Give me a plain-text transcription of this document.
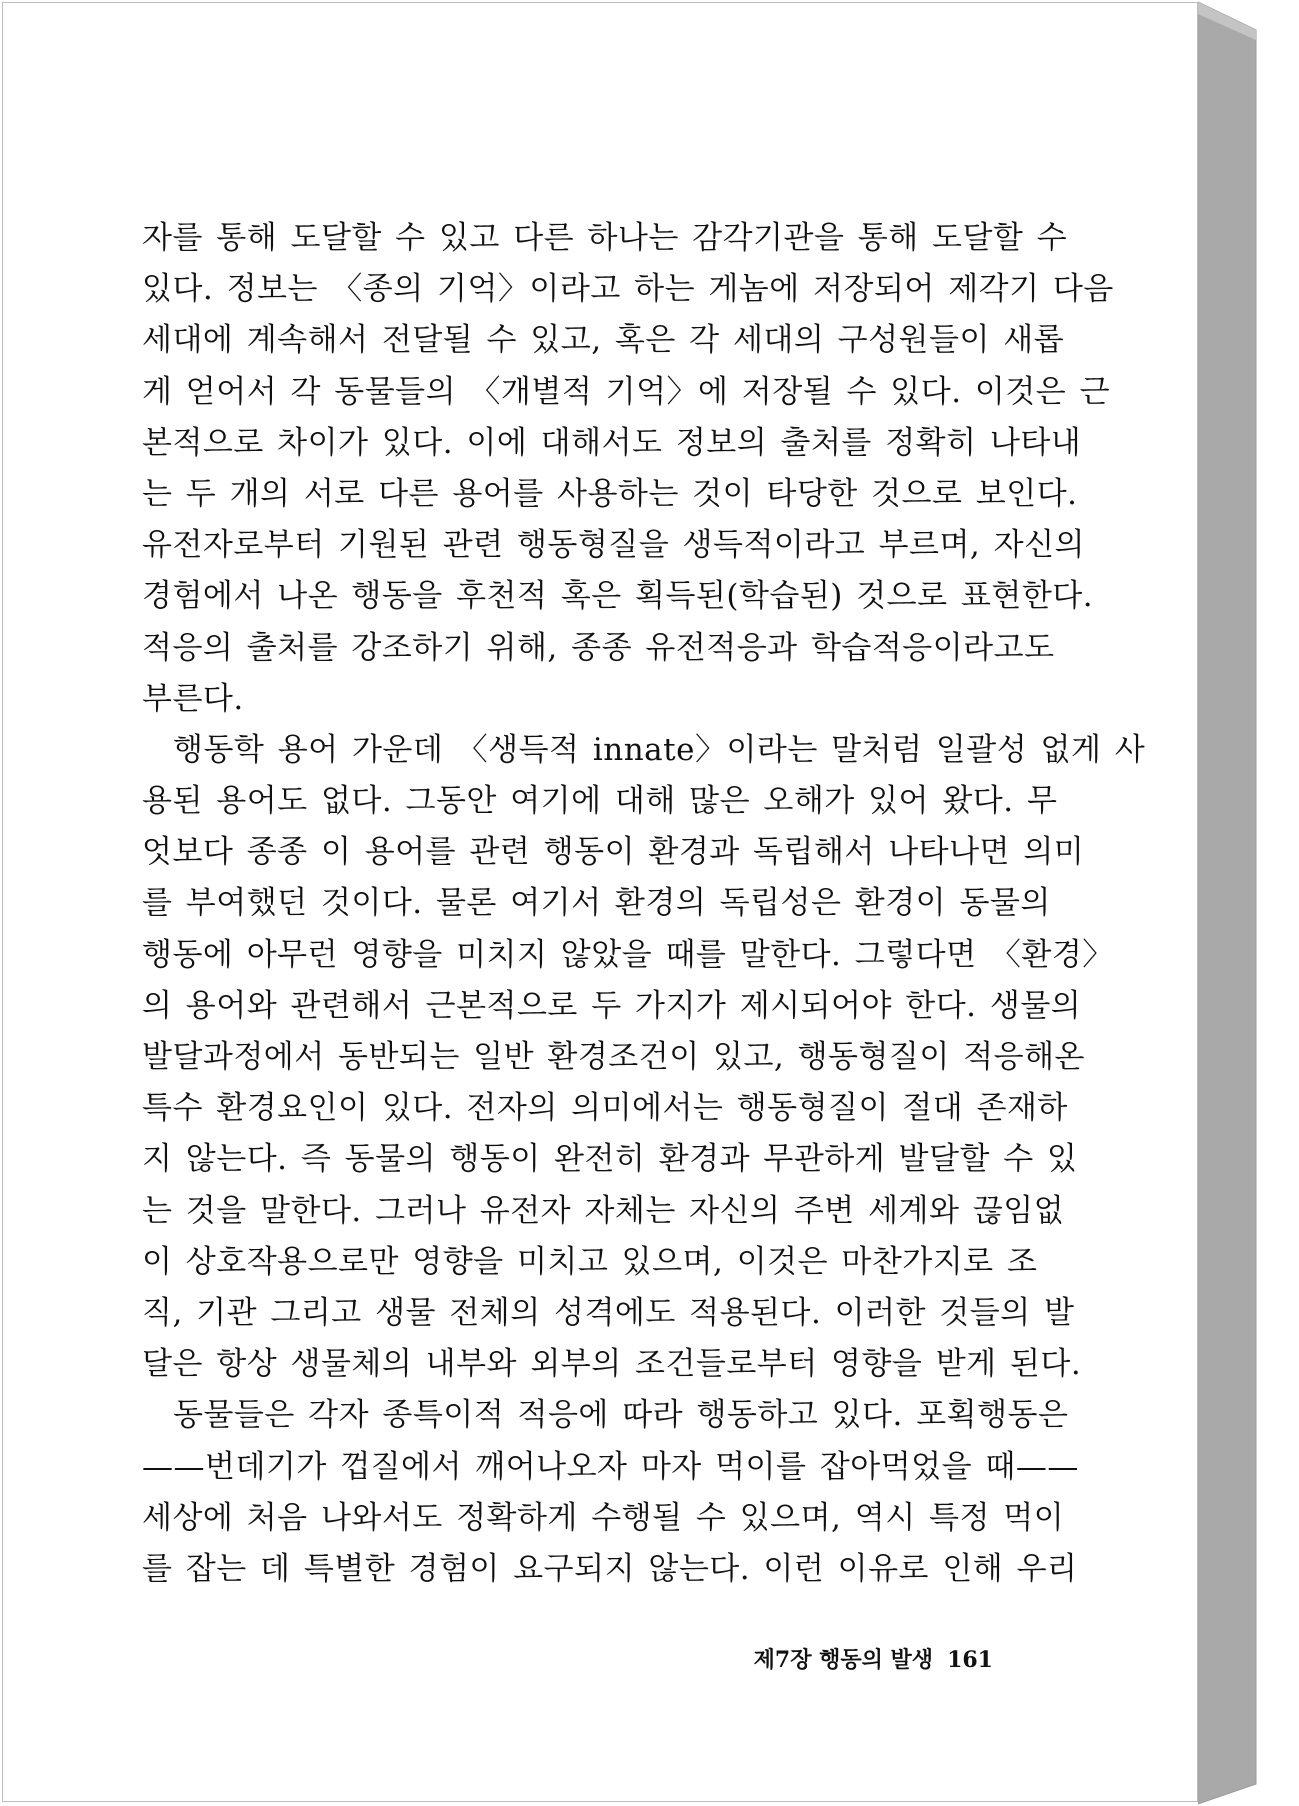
자를 통해 도달할 수 있고 다른 하나는 감각기관을 통해 도달할 수
있다. 정보는 〈종의 기억〉이라고 하는 게놈에 저장되어 제각기 다음
세대에 계속해서 전달될 수 있고, 혹은 각 세대의 구성원들이 새롭
게 얻어서 각 동물들의 〈개별적 기억〉에 저장될 수 있다. 이것은 근
본적으로 차이가 있다. 이에 대해서도 정보의 출처를 정확히 나타내
는 두 개의 서로 다른 용어를 사용하는 것이 타당한 것으로 보인다.
유전자로부터 기원된 관련 행동형질을 생득적이라고 부르며, 자신의
경험에서 나온 행동을 후천적 혹은 획득된(학습된) 것으로 표현한다.
적응의 출처를 강조하기 위해, 종종 유전적응과 학습적응이라고도
부른다.
행동학 용어 가운데 〈생득적 innate〉이라는 말처럼 일괄성 없게 사
용된 용어도 없다. 그동안 여기에 대해 많은 오해가 있어 왔다. 무
엇보다 종종 이 용어를 관련 행동이 환경과 독립해서 나타나면 의미
를 부여했던 것이다. 물론 여기서 환경의 독립성은 환경이 동물의
행동에 아무런 영향을 미치지 않았을 때를 말한다. 그렇다면 〈환경〉
의 용어와 관련해서 근본적으로 두 가지가 제시되어야 한다. 생물의
발달과정에서 동반되는 일반 환경조건이 있고, 행동형질이 적응해온
특수 환경요인이 있다. 전자의 의미에서는 행동형질이 절대 존재하
지 않는다. 즉 동물의 행동이 완전히 환경과 무관하게 발달할 수 있
는 것을 말한다. 그러나 유전자 자체는 자신의 주변 세계와 끊임없
이 상호작용으로만 영향을 미치고 있으며, 이것은 마찬가지로 조
직, 기관 그리고 생물 전체의 성격에도 적용된다. 이러한 것들의 발
달은 항상 생물체의 내부와 외부의 조건들로부터 영향을 받게 된다.
동물들은 각자 종특이적 적응에 따라 행동하고 있다. 포획행동은
——번데기가 껍질에서 깨어나오자 마자 먹이를 잡아먹었을 때——
세상에 처음 나와서도 정확하게 수행될 수 있으며, 역시 특정 먹이
를 잡는 데 특별한 경험이 요구되지 않는다. 이런 이유로 인해 우리
제7장 행동의 발생 161
